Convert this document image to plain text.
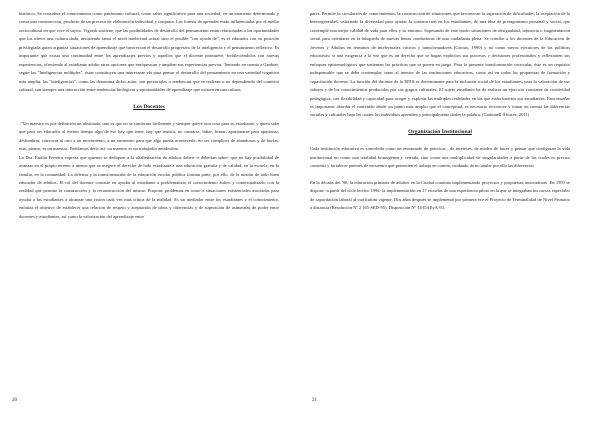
histórico. Se considera el conocimiento como patrimonio cultural, como saber significativo para una sociedad, en un momento determinado y como una construcción, producto de un proceso de elaboración individual y conjunta. Las formas de aprender están influenciadas por el medio sociocultural en que vive el sujeto. Vigotsk sostiene, que las posibilidades de desarrollo del pensamiento están relacionadas a las oportunidades que los ofrece una cultura dada, invirtiendo tanto el nivel intelectual actual sino el posible "con ayuda de", es el educador con su posición privilegiada quien organiza situaciones de aprendizaje que favorezcan el desarrollo progresivo de la inteligencia y el pensamiento reflexivo. Es importante que exista una continuidad entre los aprendizajes previos y aquellos que el docente promueve, fortaleciéndolos con nuevas experiencias, ofreciendo al estudiante adulto otras opciones que enriquezcan y amplíen sus experiencias previas. Teniendo en cuenta a Gardner, según las "Inteligencias múltiples", éstas constituyen una interesante vía para pensar el desarrollo del pensamiento en una variedad cognitiva más amplia; las "inteligencias", como las denomina dicho autor, son potenciales o tendencias que se realizan o no dependiendo del contexto cultural, son siempre una interacción entre tendencias biológicas y oportunidades de aprendizaje que existen en una cultura.

Los Docentes

.."Un maestro es por definición un obstinado, uno es que no se conforma fácilmente y siempre quiere otra cosa para su estudiante, y quien sabe que para ser educador al menos tiempo algo de eso hay que tener, hay que insistir, no cansarse, lidiar, firmar, apasionarse para apasionar, deslumbrar, convocar al otro a un movimiento, a un encuentro para que algo pueda acontecerle, no ser cómplices de abandonos y de burlas, esto, pienso, es un maestro. Podríamos decir así: un maestro es un trabajador antidestino.

La Dra. Emilia Ferreiro expresa que quienes se dediquen a la alfabetización de adultos deben -o deberían saber- que no hay posibilidad de avanzar en el propio terreno a menos que se asegure el derecho de todo estudiante a una educación gratuita y de calidad, en la escuela, en la familia, en la comunidad. La defensa y la transformación de la educación escolar pública forman parte, por ello, de la misión de todo buen educador de adultos. El rol del docente consiste en ayudar al estudiante a problematizar el conocimiento áulico y contextualizarlo con la realidad que permite la construcción y la reconstrucción del mismo. Propone problemas en torno a situaciones existenciales asociadas para ayudar a los estudiantes a alcanzar una visión cada vez más crítica de la realidad. Es un mediador entre los estudiantes y el conocimiento, enfatiza el objetivo de establecer una relación de respeto y aceptación de ideas y diferencias y de superación de asimetrías de poder entre docentes y estudiantes, así como la valorización del aprendizaje entre

20

pares. Permite la circulación de conocimientos, la construcción de situaciones que favorezcan la superación de dificultades, la aceptación de la heterogeneidad, valorando la diversidad para ayudar la construcción en los estudiantes, de una idea de protagonismo personal y social, que contemple una mejor calidad de vida para ellos y su entorno. Sopesando de este modo situaciones de desigualdad, injusticia o fragmentación social para orientarse en la búsqueda de nuevas líneas conductoras de una ciudadanía plena. Se concibe a los docentes de la Educación de Jóvenes y Adultos en términos de intelectuales críticos y transformadores (Giroux, 1990) y no como meros ejecutores de las políticas educativas; si una exigencia a la vez que es un derecho que se hagan explícitos sus procesos y decisiones profesionales y reflexionen sus enfoques epistemológicos que sustentan las prácticas que se ponen en juego. Para la presente transformación curricular, éste es un requisito indispensable que se debe contemplar, tanto al interior de las instituciones educativas, como así en todas las propuestas de formación y capacitación docente. La función del docente de la EPJA es determinante para la inclusión social de los estudiantes, para la valoración de sus saberes y de los conocimientos producidos por sus grupos culturales. El sujeto enseñante ha de realizar un ejercicio constante de creatividad pedagógica, con flexibilidad y capacidad para acoger y explorar las múltiples realidades en las que están insertos sus estudiantes. Para enseñar es importante abordar el contenido desde un punto más amplio que el conceptual, es necesario reconocer y tomar en cuenta las diferencias sociales y culturales bajo las cuales los individuos aprenden y principalmente darles la palabra. (Carbonell Álvarez, 2011)

Organización Institucional

Cada institución educativa es concebida como un entramado de prácticas , de intereses, de modos de hacer y pensar que configuran la vida institucional no como una totalidad homogénea y cerrada, sino como una multiplicidad de singularidades a partir de las cuales es preciso construir y fortalecer puentes de encuentro que potencien el trabajo en común, cuidando de no anular por ello las diferencias

En la década del '90, la educación primaria de adultos en la Ciudad continúa implementando proyectos y propuestas innovadoras. En 1993 se dispone -a partir del ciclo lectivo 1994- la implementación en 17 escuelas de una experiencia piloto en la que se integraban los cursos especiales de capacitación laboral al currículum vigente. Dos años después se implementó por primera vez el Proyecto de Terminalidad de Nivel Primario a distancia (Resolución Nº 2 165-SED-95). Disposición Nº 14-DAEyA-93.

21
